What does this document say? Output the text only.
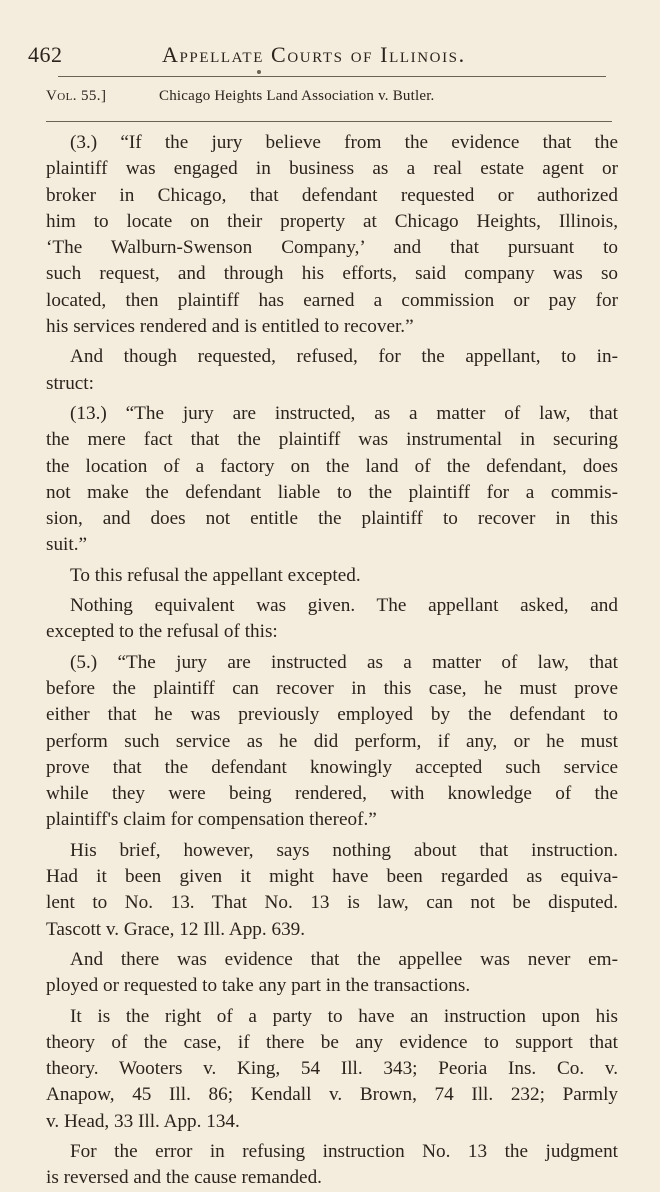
462	Appellate Courts of Illinois.
Vol. 55.]	Chicago Heights Land Association v. Butler.
(3.) “If the jury believe from the evidence that the
plaintiff was engaged in business as a real estate agent or
broker in Chicago, that defendant requested or authorized
him to locate on their property at Chicago Heights, Illinois,
‘The Walburn-Swenson Company,’ and that pursuant to
such request, and through his efforts, said company was so
located, then plaintiff has earned a commission or pay for
his services rendered and is entitled to recover.”
And though requested, refused, for the appellant, to in-
struct:
(13.) “The jury are instructed, as a matter of law, that
the mere fact that the plaintiff was instrumental in securing
the location of a factory on the land of the defendant, does
not make the defendant liable to the plaintiff for a commis-
sion, and does not entitle the plaintiff to recover in this
suit.”
To this refusal the appellant excepted.
Nothing equivalent was given. The appellant asked, and
excepted to the refusal of this:
(5.) “The jury are instructed as a matter of law, that
before the plaintiff can recover in this case, he must prove
either that he was previously employed by the defendant to
perform such service as he did perform, if any, or he must
prove that the defendant knowingly accepted such service
while they were being rendered, with knowledge of the
plaintiff's claim for compensation thereof.”
His brief, however, says nothing about that instruction.
Had it been given it might have been regarded as equiva-
lent to No. 13. That No. 13 is law, can not be disputed.
Tascott v. Grace, 12 Ill. App. 639.
And there was evidence that the appellee was never em-
ployed or requested to take any part in the transactions.
It is the right of a party to have an instruction upon his
theory of the case, if there be any evidence to support that
theory. Wooters v. King, 54 Ill. 343; Peoria Ins. Co. v.
Anapow, 45 Ill. 86; Kendall v. Brown, 74 Ill. 232; Parmly
v. Head, 33 Ill. App. 134.
For the error in refusing instruction No. 13 the judgment
is reversed and the cause remanded.
